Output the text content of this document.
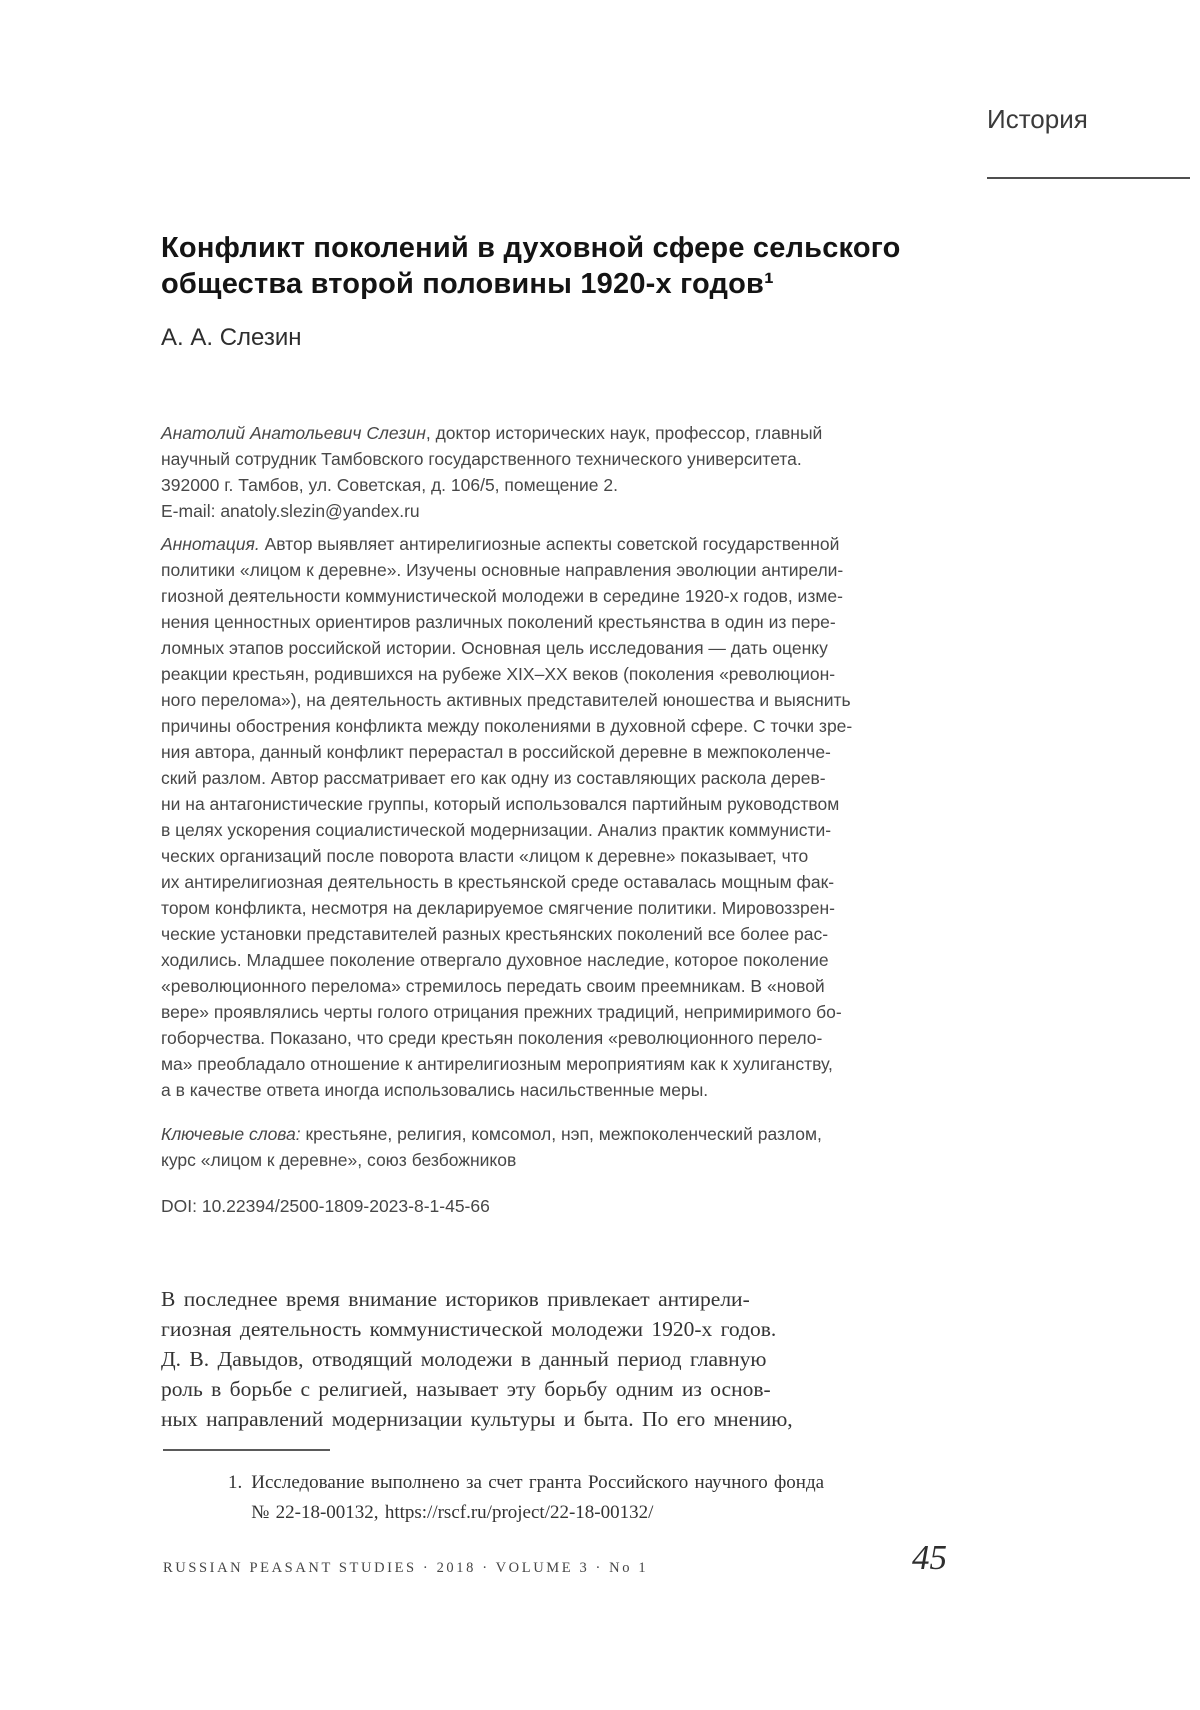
История
Конфликт поколений в духовной сфере сельского
общества второй половины 1920-х годов¹
А. А. Слезин
Анатолий Анатольевич Слезин, доктор исторических наук, профессор, главный
научный сотрудник Тамбовского государственного технического университета.
392000 г. Тамбов, ул. Советская, д. 106/5, помещение 2.
E-mail: anatoly.slezin@yandex.ru
Аннотация. Автор выявляет антирелигиозные аспекты советской государственной
политики «лицом к деревне». Изучены основные направления эволюции антирели-
гиозной деятельности коммунистической молодежи в середине 1920-х годов, изме-
нения ценностных ориентиров различных поколений крестьянства в один из пере-
ломных этапов российской истории. Основная цель исследования — дать оценку
реакции крестьян, родившихся на рубеже XIX–XX веков (поколения «революцион-
ного перелома»), на деятельность активных представителей юношества и выяснить
причины обострения конфликта между поколениями в духовной сфере. С точки зре-
ния автора, данный конфликт перерастал в российской деревне в межпоколенче-
ский разлом. Автор рассматривает его как одну из составляющих раскола дерев-
ни на антагонистические группы, который использовался партийным руководством
в целях ускорения социалистической модернизации. Анализ практик коммунисти-
ческих организаций после поворота власти «лицом к деревне» показывает, что
их антирелигиозная деятельность в крестьянской среде оставалась мощным фак-
тором конфликта, несмотря на декларируемое смягчение политики. Мировоззрен-
ческие установки представителей разных крестьянских поколений все более рас-
ходились. Младшее поколение отвергало духовное наследие, которое поколение
«революционного перелома» стремилось передать своим преемникам. В «новой
вере» проявлялись черты голого отрицания прежних традиций, непримиримого бо-
гоборчества. Показано, что среди крестьян поколения «революционного перело-
ма» преобладало отношение к антирелигиозным мероприятиям как к хулиганству,
а в качестве ответа иногда использовались насильственные меры.
Ключевые слова: крестьяне, религия, комсомол, нэп, межпоколенческий разлом,
курс «лицом к деревне», союз безбожников
DOI: 10.22394/2500-1809-2023-8-1-45-66
В последнее время внимание историков привлекает антирели-
гиозная деятельность коммунистической молодежи 1920-х годов.
Д. В. Давыдов, отводящий молодежи в данный период главную
роль в борьбе с религией, называет эту борьбу одним из основ-
ных направлений модернизации культуры и быта. По его мнению,
1. Исследование выполнено за счет гранта Российского научного фонда
№ 22-18-00132, https://rscf.ru/project/22-18-00132/
RUSSIAN PEASANT STUDIES · 2018 · VOLUME 3 · No 1	45
